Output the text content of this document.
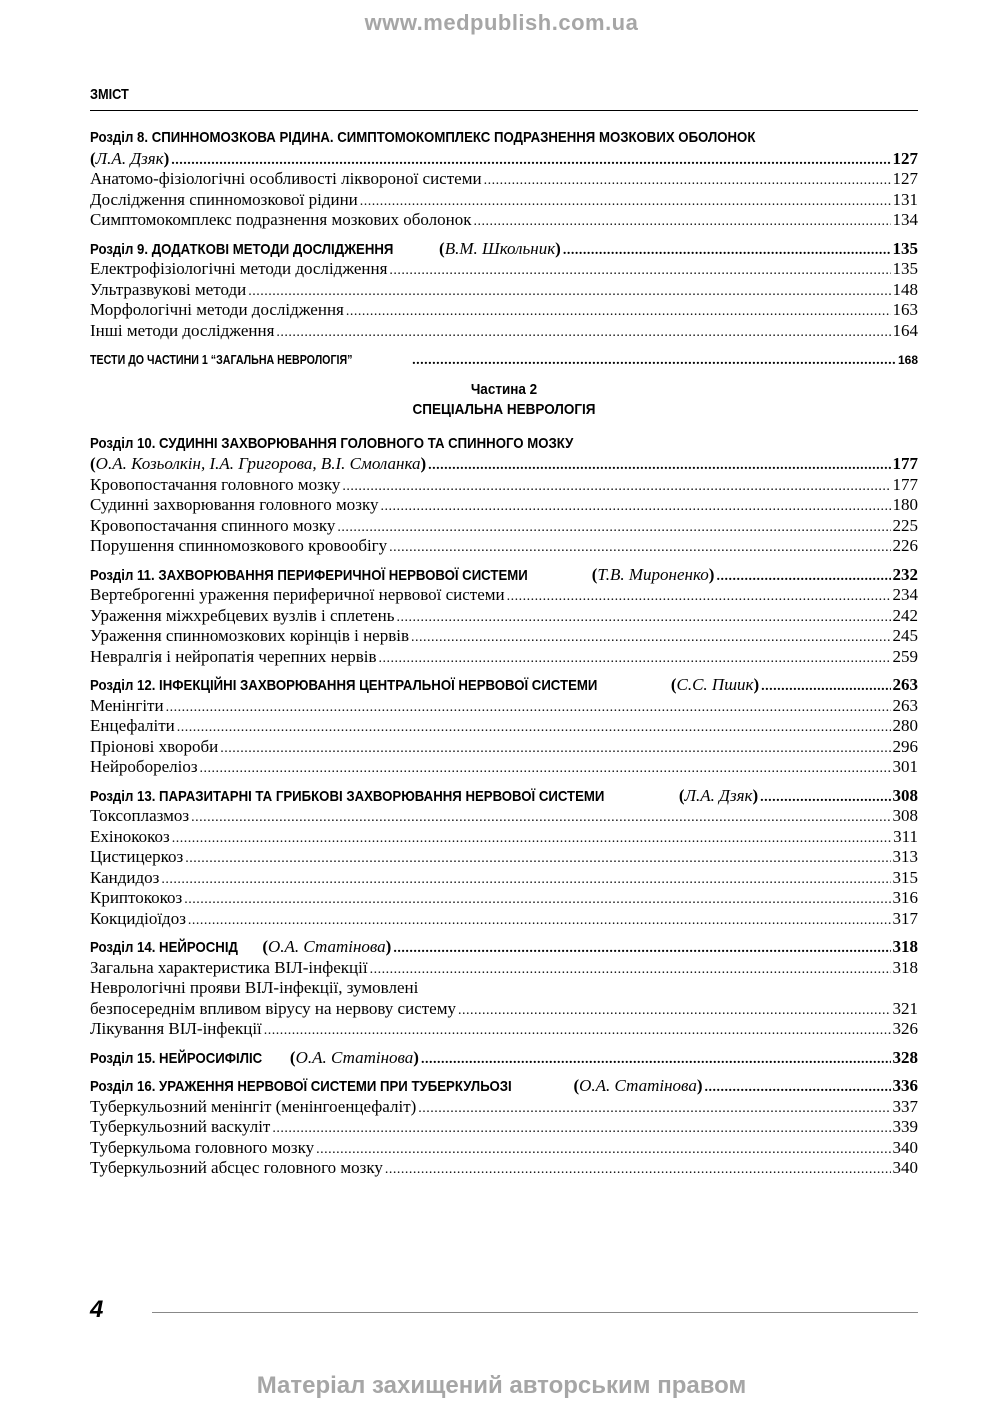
www.medpublish.com.ua
ЗМІСТ
Розділ 8. СПИННОМОЗКОВА РІДИНА. СИМПТОМОКОМПЛЕКС ПОДРАЗНЕННЯ МОЗКОВИХ ОБОЛОНОК
(Л.А. Дзяк) .....	127
Анатомо-фізіологічні особливості ліквороної системи .....	127
Дослідження спинномозкової рідини .....	131
Симптомокомплекс подразнення мозкових оболонок .....	134
Розділ 9. ДОДАТКОВІ МЕТОДИ ДОСЛІДЖЕННЯ	(В.М. Школьник) .....	135
Електрофізіологічні методи дослідження .....	135
Ультразвукові методи .....	148
Морфологічні методи дослідження .....	163
Інші методи дослідження .....	164
ТЕСТИ ДО ЧАСТИНИ 1 “ЗАГАЛЬНА НЕВРОЛОГІЯ” .....	168
Частина 2
СПЕЦІАЛЬНА НЕВРОЛОГІЯ
Розділ 10. СУДИННІ ЗАХВОРЮВАННЯ ГОЛОВНОГО ТА СПИННОГО МОЗКУ
(О.А. Козьолкін, І.А. Григорова, В.І. Смоланка) .....	177
Кровопостачання головного мозку .....	177
Судинні захворювання головного мозку .....	180
Кровопостачання спинного мозку .....	225
Порушення спинномозкового кровообігу .....	226
Розділ 11. ЗАХВОРЮВАННЯ ПЕРИФЕРИЧНОЇ НЕРВОВОЇ СИСТЕМИ	(Т.В. Мироненко) .....	232
Вертеброгенні ураження периферичної нервової системи .....	234
Ураження міжхребцевих вузлів і сплетень .....	242
Ураження спинномозкових корінців і нервів .....	245
Невралгія і нейропатія черепних нервів .....	259
Розділ 12. ІНФЕКЦІЙНІ ЗАХВОРЮВАННЯ ЦЕНТРАЛЬНОЇ НЕРВОВОЇ СИСТЕМИ	(С.С. Пшик) .....	263
Менінгіти .....	263
Енцефаліти .....	280
Пріонові хвороби .....	296
Нейробореліоз .....	301
Розділ 13. ПАРАЗИТАРНІ ТА ГРИБКОВІ ЗАХВОРЮВАННЯ НЕРВОВОЇ СИСТЕМИ	(Л.А. Дзяк) .....	308
Токсоплазмоз .....	308
Ехінококоз .....	311
Цистицеркоз .....	313
Кандидоз .....	315
Криптококоз .....	316
Кокцидіоїдоз .....	317
Розділ 14. НЕЙРОСНІД (О.А. Статінова) .....	318
Загальна характеристика ВІЛ-інфекції .....	318
Неврологічні прояви ВІЛ-інфекції, зумовлені
безпосереднім впливом вірусу на нервову систему .....	321
Лікування ВІЛ-інфекції .....	326
Розділ 15. НЕЙРОСИФІЛІС (О.А. Статінова) .....	328
Розділ 16. УРАЖЕННЯ НЕРВОВОЇ СИСТЕМИ ПРИ ТУБЕРКУЛЬОЗІ	(О.А. Статінова) .....	336
Туберкульозний менінгіт (менінгоенцефаліт) .....	337
Туберкульозний васкуліт .....	339
Туберкульома головного мозку .....	340
Туберкульозний абсцес головного мозку .....	340
4
Матеріал захищений авторським правом
